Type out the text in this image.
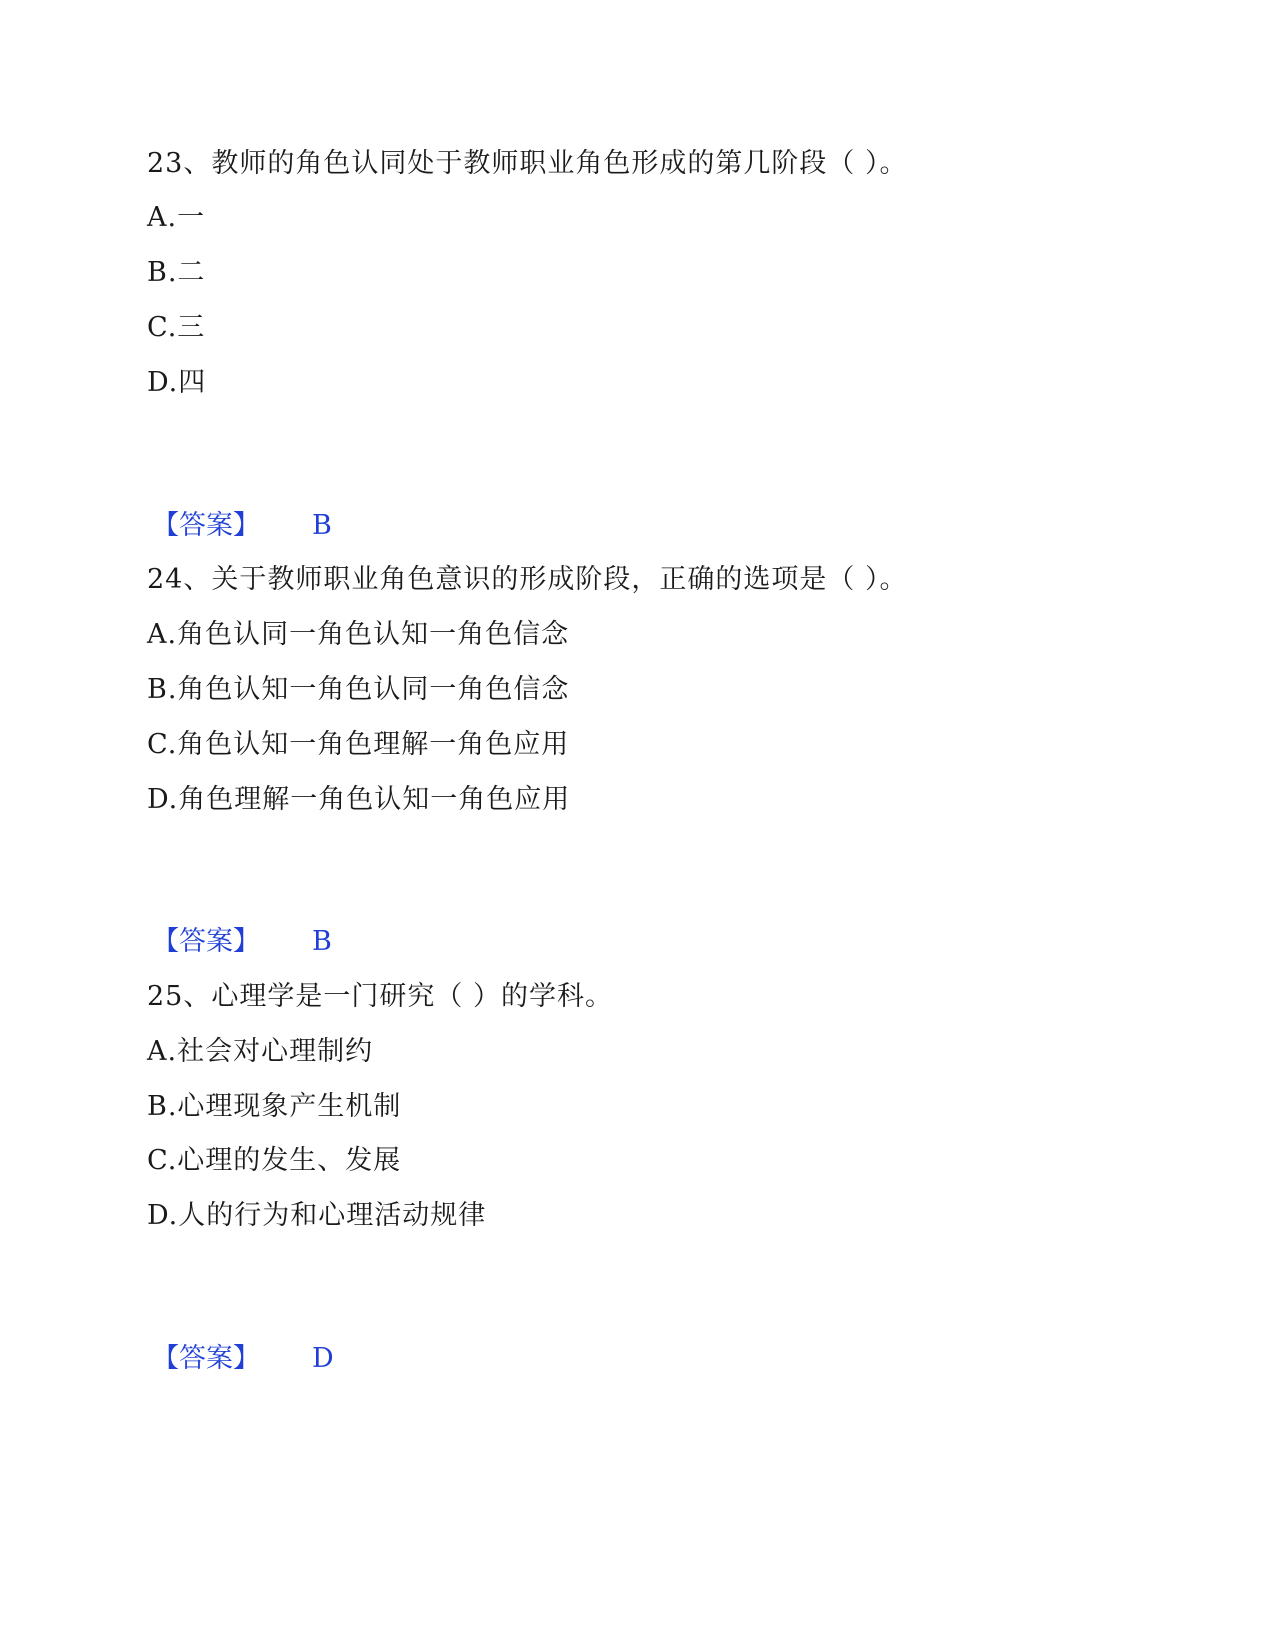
23、教师的角色认同处于教师职业角色形成的第几阶段（ ）。
A.一
B.二
C.三
D.四
【答案】 B
24、关于教师职业角色意识的形成阶段，正确的选项是（ ）。
A.角色认同一角色认知一角色信念
B.角色认知一角色认同一角色信念
C.角色认知一角色理解一角色应用
D.角色理解一角色认知一角色应用
【答案】 B
25、心理学是一门研究（ ）的学科。
A.社会对心理制约
B.心理现象产生机制
C.心理的发生、发展
D.人的行为和心理活动规律
【答案】 D
